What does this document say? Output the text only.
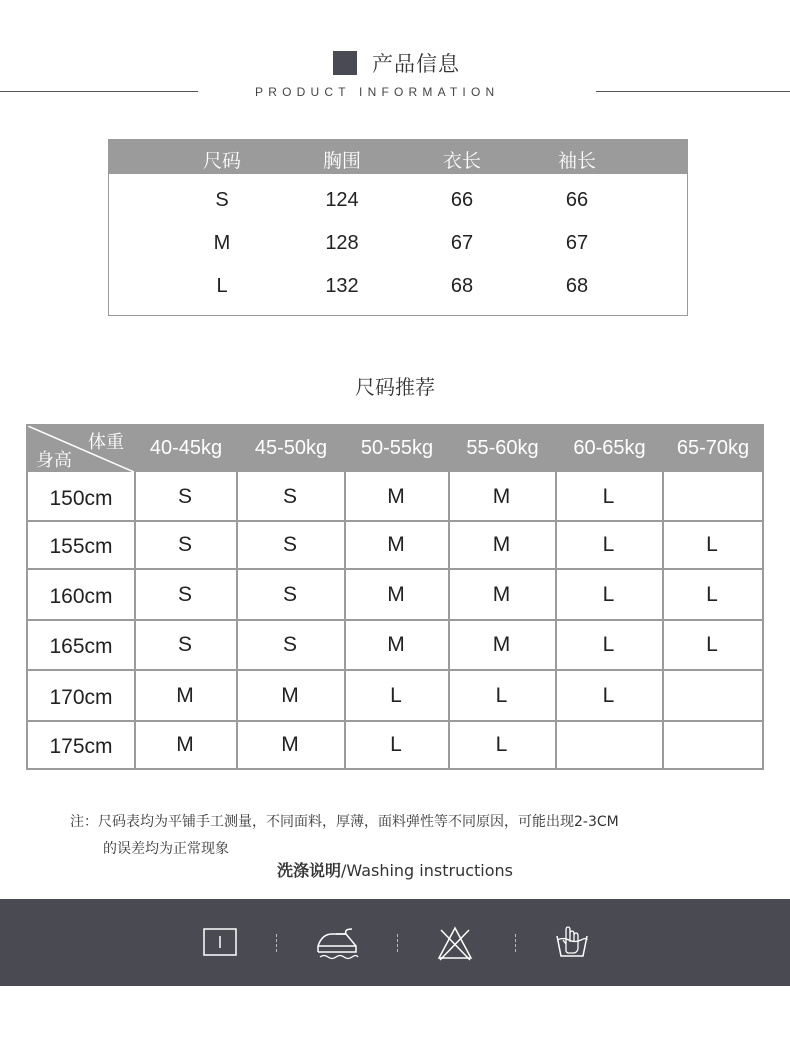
产品信息
PRODUCT INFORMATION
尺码	胸围	衣长	袖长
S	124	66	66
M	128	67	67
L	132	68	68
尺码推荐
体重
身高
40-45kg	45-50kg	50-55kg	55-60kg	60-65kg	65-70kg
150cm	S	S	M	M	L
155cm	S	S	M	M	L	L
160cm	S	S	M	M	L	L
165cm	S	S	M	M	L	L
170cm	M	M	L	L	L
175cm	M	M	L	L
注：尺码表均为平铺手工测量，不同面料，厚薄，面料弹性等不同原因，可能出现2-3CM
的误差均为正常现象
洗涤说明/Washing instructions
